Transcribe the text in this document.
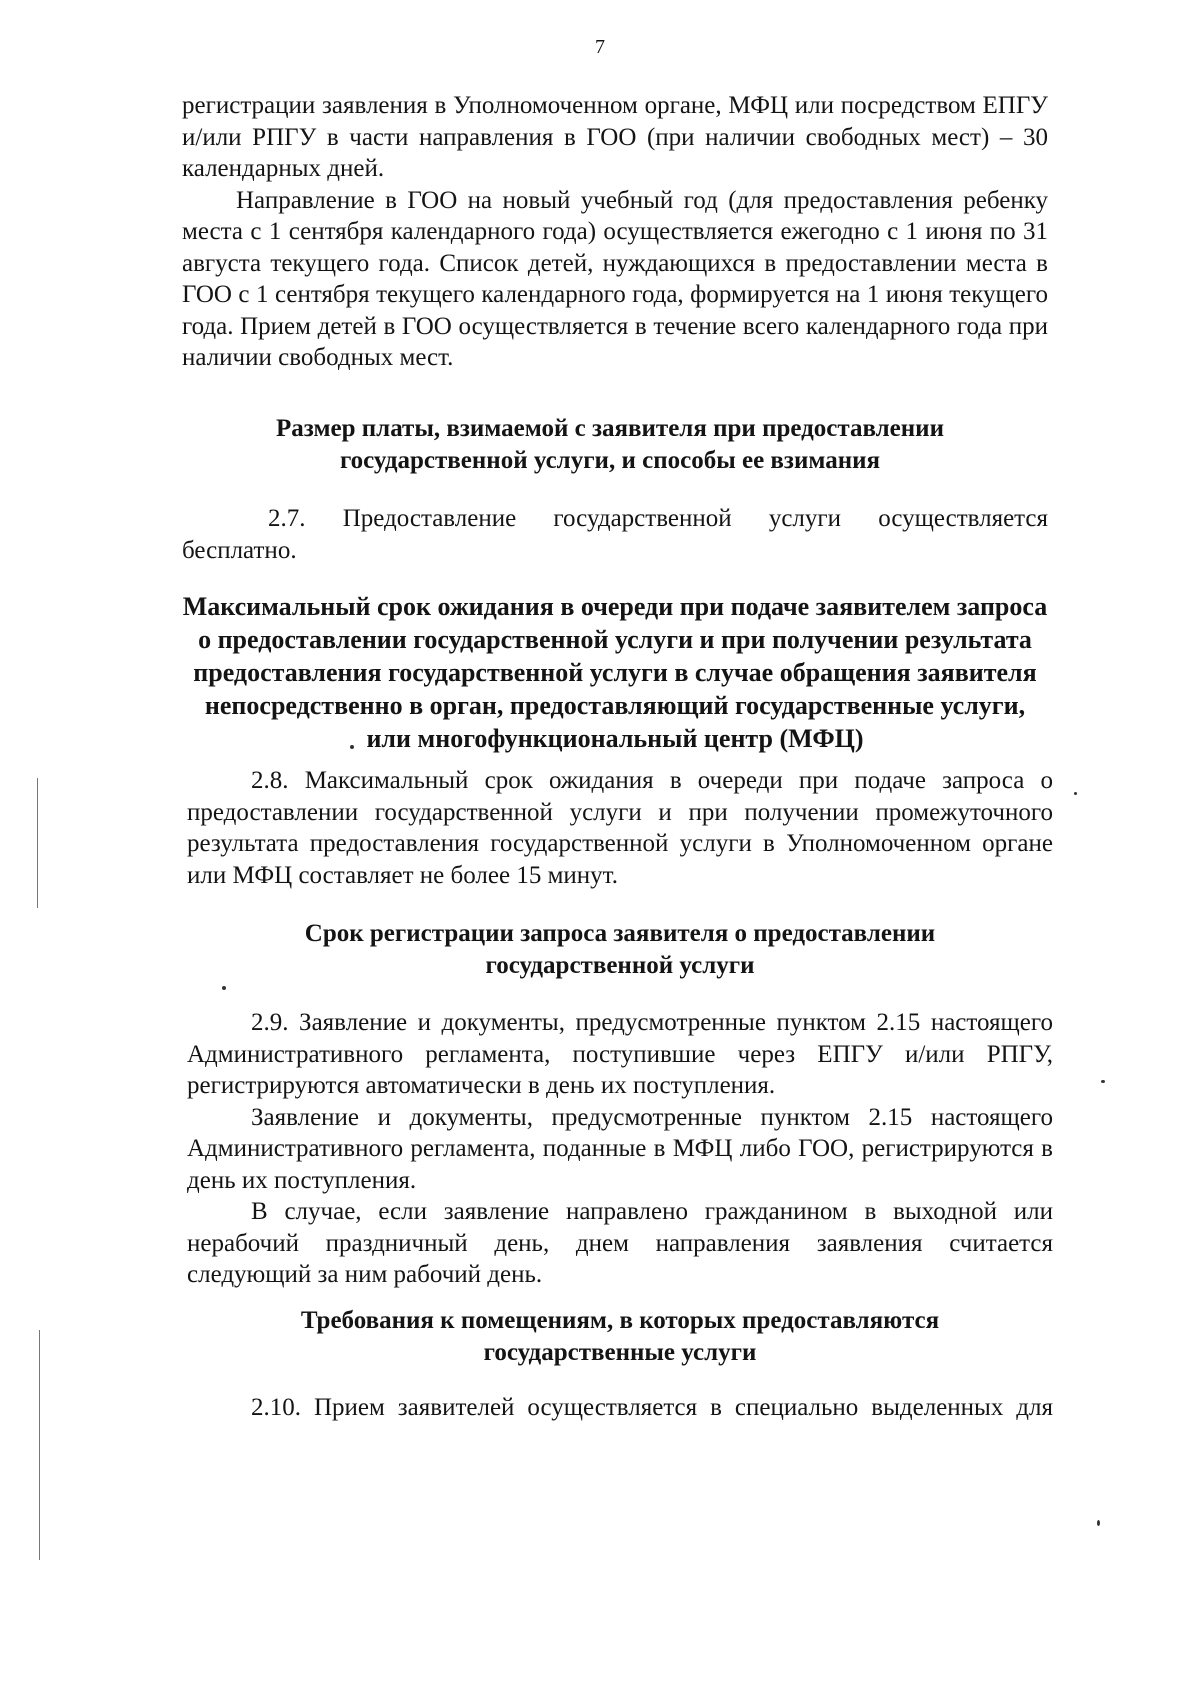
7

регистрации заявления в Уполномоченном органе, МФЦ или посредством ЕПГУ и/или РПГУ в части направления в ГОО (при наличии свободных мест) – 30 календарных дней.

Направление в ГОО на новый учебный год (для предоставления ребенку места с 1 сентября календарного года) осуществляется ежегодно с 1 июня по 31 августа текущего года. Список детей, нуждающихся в предоставлении места в ГОО с 1 сентября текущего календарного года, формируется на 1 июня текущего года. Прием детей в ГОО осуществляется в течение всего календарного года при наличии свободных мест.

Размер платы, взимаемой с заявителя при предоставлении

государственной услуги, и способы ее взимания

2.7. Предоставление государственной услуги осуществляется
бесплатно.

Максимальный срок ожидания в очереди при подаче заявителем запроса о предоставлении государственной услуги и при получении результата предоставления государственной услуги в случае обращения заявителя непосредственно в орган, предоставляющий государственные услуги, или многофункциональный центр (МФЦ)

2.8. Максимальный срок ожидания в очереди при подаче запроса о предоставлении государственной услуги и при получении промежуточного результата предоставления государственной услуги в Уполномоченном органе или МФЦ составляет не более 15 минут.

Срок регистрации запроса заявителя о предоставлении

государственной услуги

2.9. Заявление и документы, предусмотренные пунктом 2.15 настоящего Административного регламента, поступившие через ЕПГУ и/или РПГУ, регистрируются автоматически в день их поступления.

Заявление и документы, предусмотренные пунктом 2.15 настоящего Административного регламента, поданные в МФЦ либо ГОО, регистрируются в день их поступления.

В случае, если заявление направлено гражданином в выходной или нерабочий праздничный день, днем направления заявления считается следующий за ним рабочий день.

Требования к помещениям, в которых предоставляются

государственные услуги

2.10. Прием заявителей осуществляется в специально выделенных для
